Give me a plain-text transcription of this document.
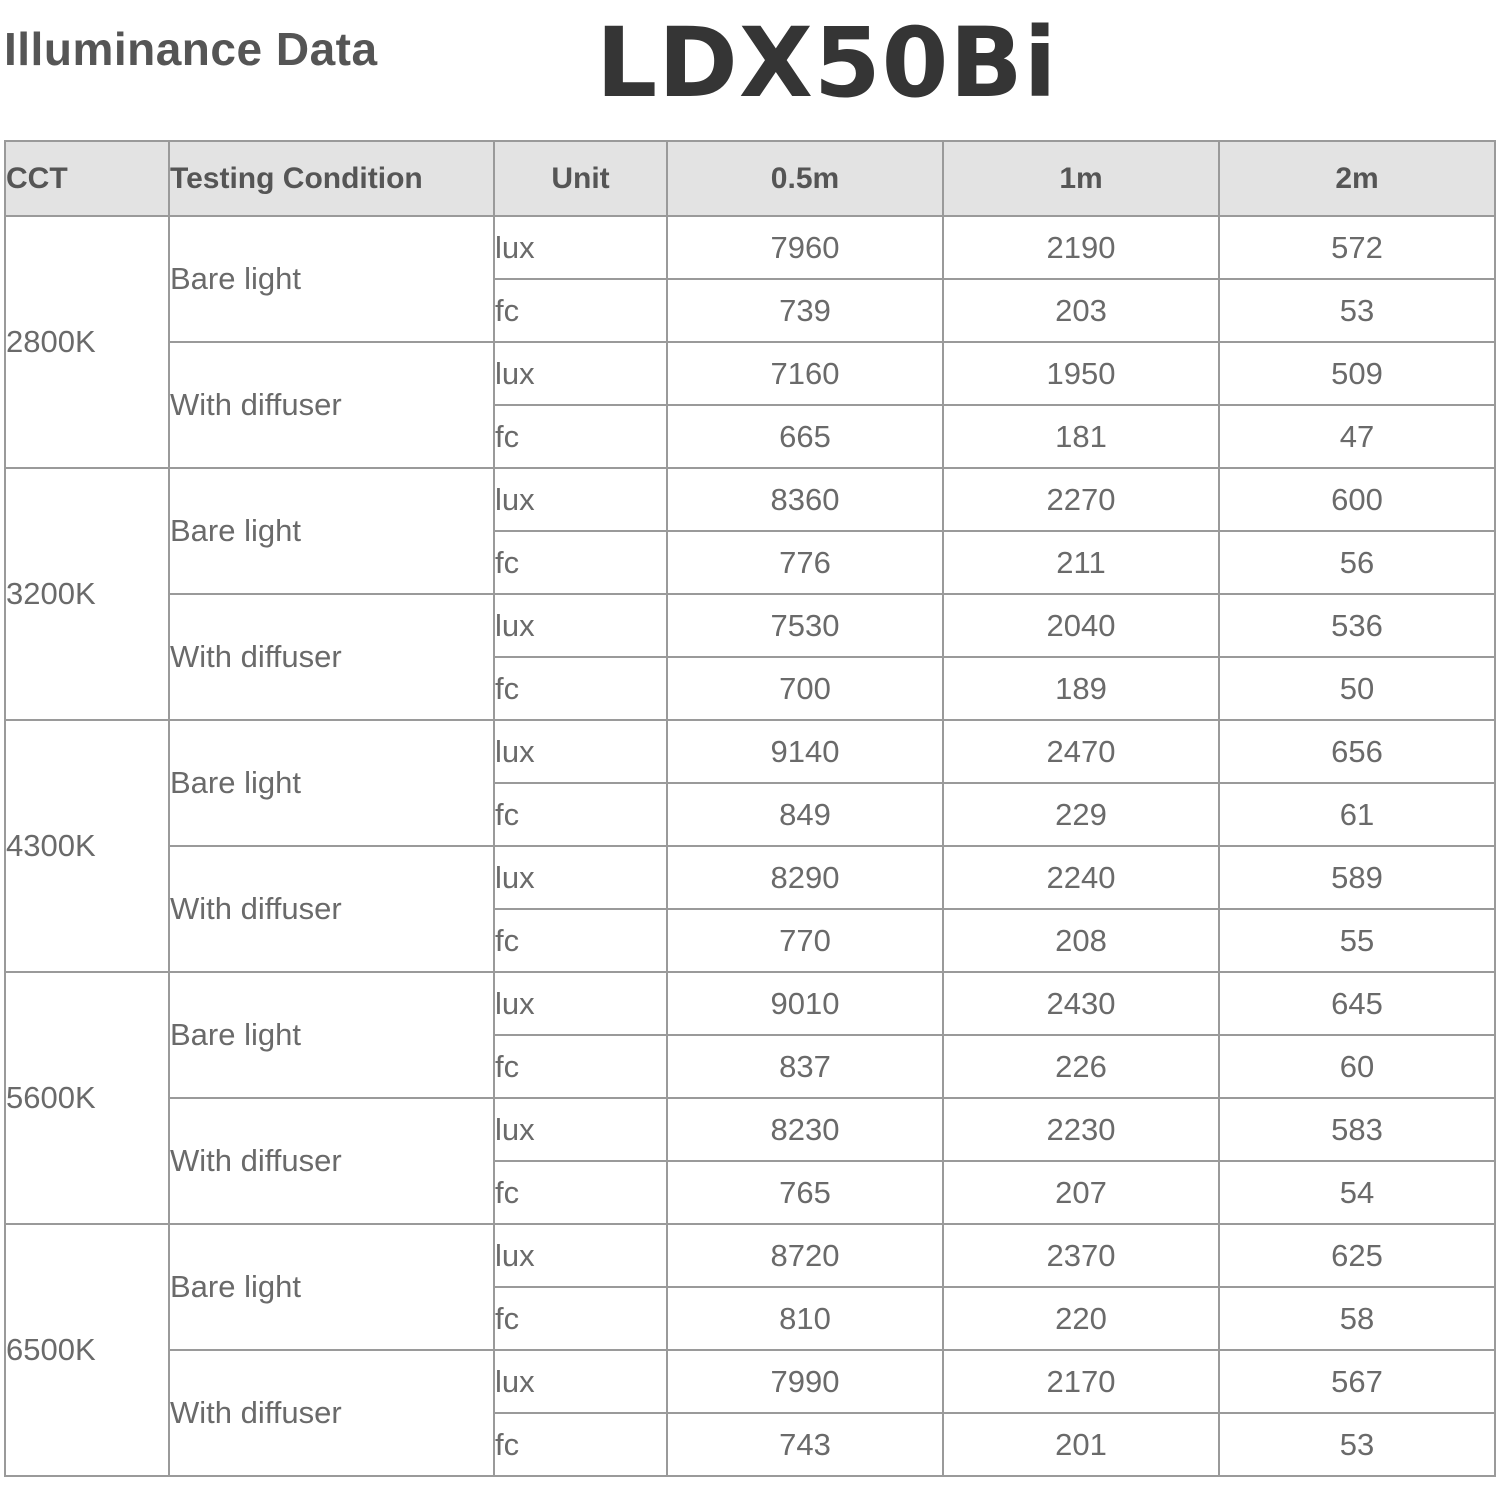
Illuminance Data LDX50Bi
CCT	Testing Condition	Unit	0.5m	1m	2m
2800K	Bare light	lux	7960	2190	572
		fc	739	203	53
	With diffuser	lux	7160	1950	509
		fc	665	181	47
3200K	Bare light	lux	8360	2270	600
		fc	776	211	56
	With diffuser	lux	7530	2040	536
		fc	700	189	50
4300K	Bare light	lux	9140	2470	656
		fc	849	229	61
	With diffuser	lux	8290	2240	589
		fc	770	208	55
5600K	Bare light	lux	9010	2430	645
		fc	837	226	60
	With diffuser	lux	8230	2230	583
		fc	765	207	54
6500K	Bare light	lux	8720	2370	625
		fc	810	220	58
	With diffuser	lux	7990	2170	567
		fc	743	201	53
